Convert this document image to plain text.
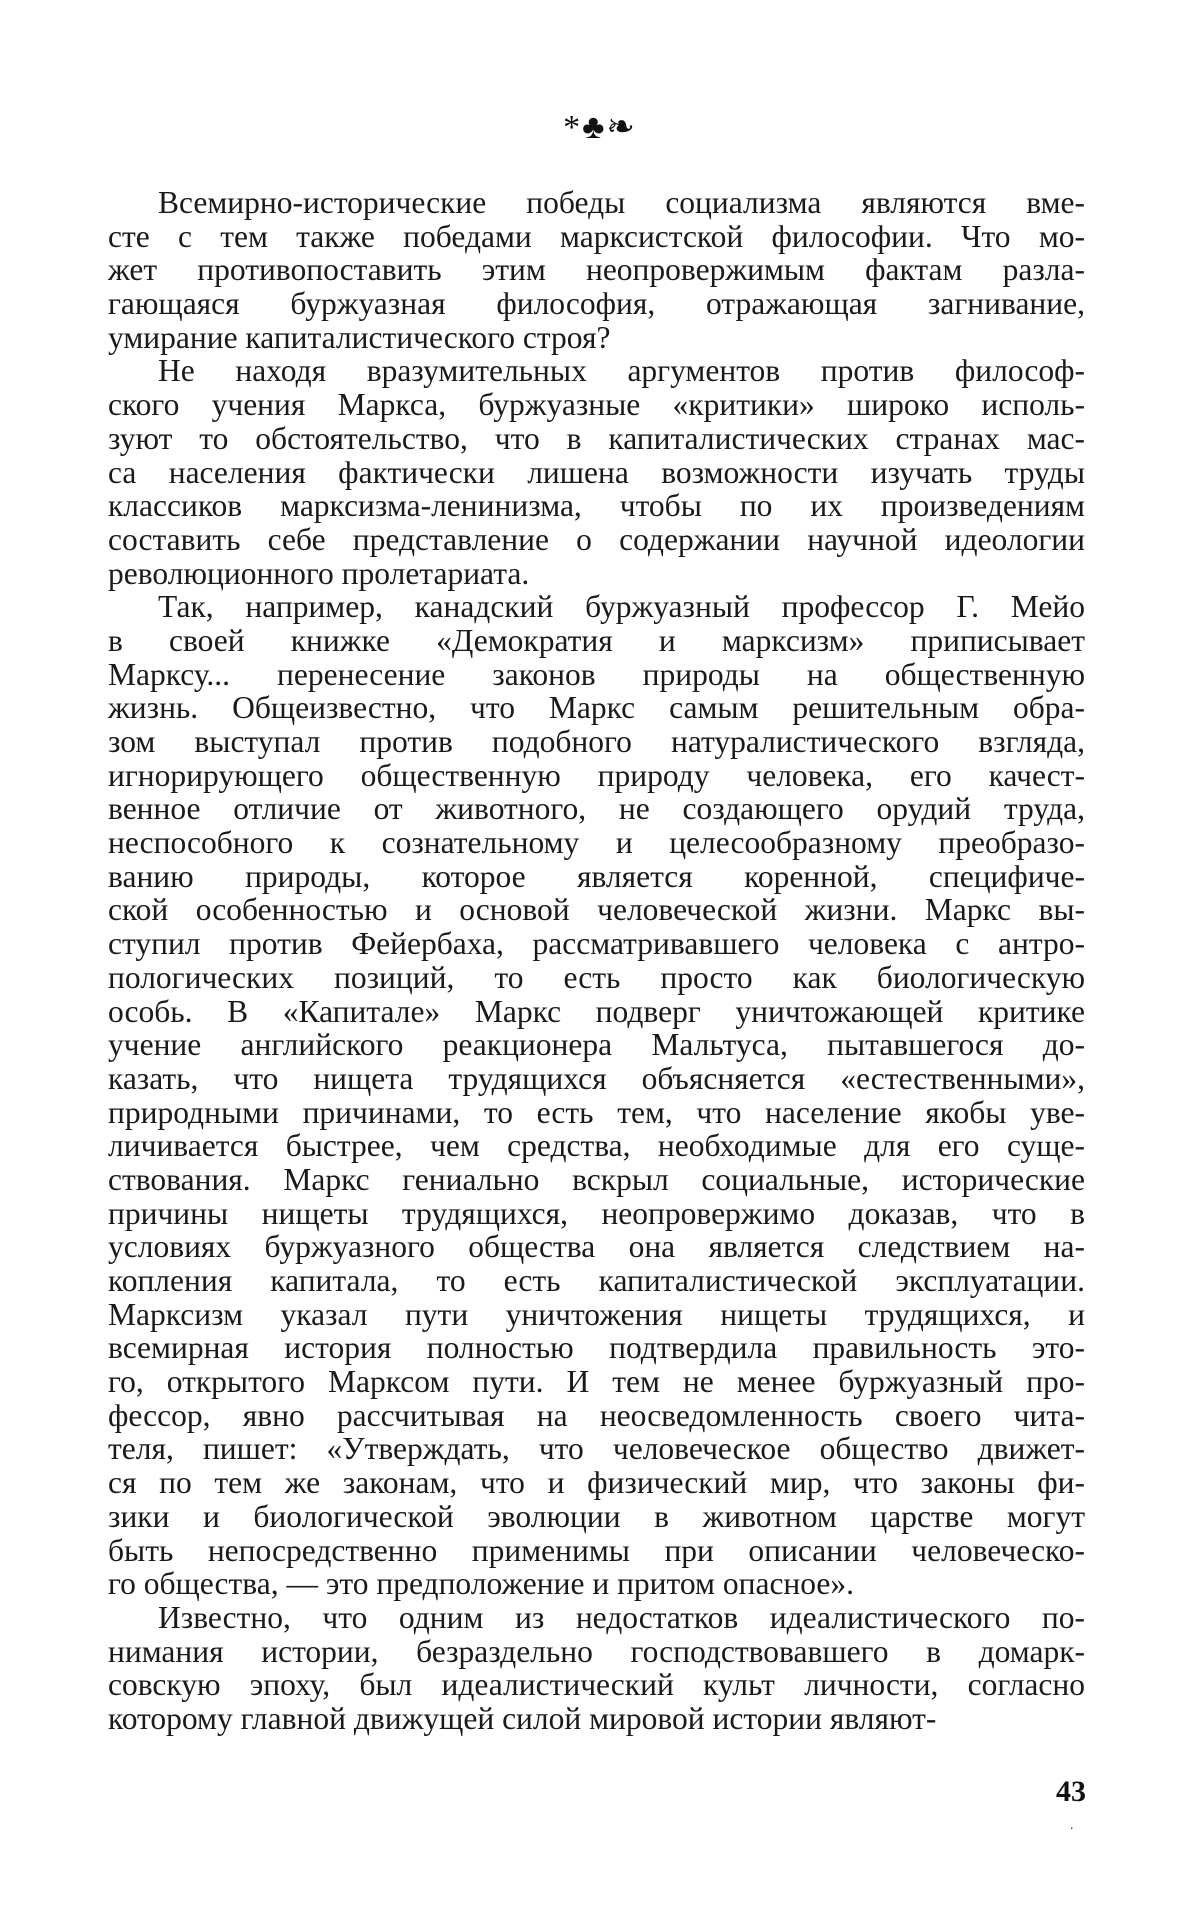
*♣❧
Всемирно-исторические победы социализма являются вме-
сте с тем также победами марксистской философии. Что мо-
жет противопоставить этим неопровержимым фактам разла-
гающаяся буржуазная философия, отражающая загнивание,
умирание капиталистического строя?
Не находя вразумительных аргументов против философ-
ского учения Маркса, буржуазные «критики» широко исполь-
зуют то обстоятельство, что в капиталистических странах мас-
са населения фактически лишена возможности изучать труды
классиков марксизма-ленинизма, чтобы по их произведениям
составить себе представление о содержании научной идеологии
революционного пролетариата.
Так, например, канадский буржуазный профессор Г. Мейо
в своей книжке «Демократия и марксизм» приписывает
Марксу... перенесение законов природы на общественную
жизнь. Общеизвестно, что Маркс самым решительным обра-
зом выступал против подобного натуралистического взгляда,
игнорирующего общественную природу человека, его качест-
венное отличие от животного, не создающего орудий труда,
неспособного к сознательному и целесообразному преобразо-
ванию природы, которое является коренной, специфиче-
ской особенностью и основой человеческой жизни. Маркс вы-
ступил против Фейербаха, рассматривавшего человека с антро-
пологических позиций, то есть просто как биологическую
особь. В «Капитале» Маркс подверг уничтожающей критике
учение английского реакционера Мальтуса, пытавшегося до-
казать, что нищета трудящихся объясняется «естественными»,
природными причинами, то есть тем, что население якобы уве-
личивается быстрее, чем средства, необходимые для его суще-
ствования. Маркс гениально вскрыл социальные, исторические
причины нищеты трудящихся, неопровержимо доказав, что в
условиях буржуазного общества она является следствием на-
копления капитала, то есть капиталистической эксплуатации.
Марксизм указал пути уничтожения нищеты трудящихся, и
всемирная история полностью подтвердила правильность это-
го, открытого Марксом пути. И тем не менее буржуазный про-
фессор, явно рассчитывая на неосведомленность своего чита-
теля, пишет: «Утверждать, что человеческое общество движет-
ся по тем же законам, что и физический мир, что законы фи-
зики и биологической эволюции в животном царстве могут
быть непосредственно применимы при описании человеческо-
го общества, — это предположение и притом опасное».
Известно, что одним из недостатков идеалистического по-
нимания истории, безраздельно господствовавшего в домарк-
совскую эпоху, был идеалистический культ личности, согласно
которому главной движущей силой мировой истории являют-
43
·
